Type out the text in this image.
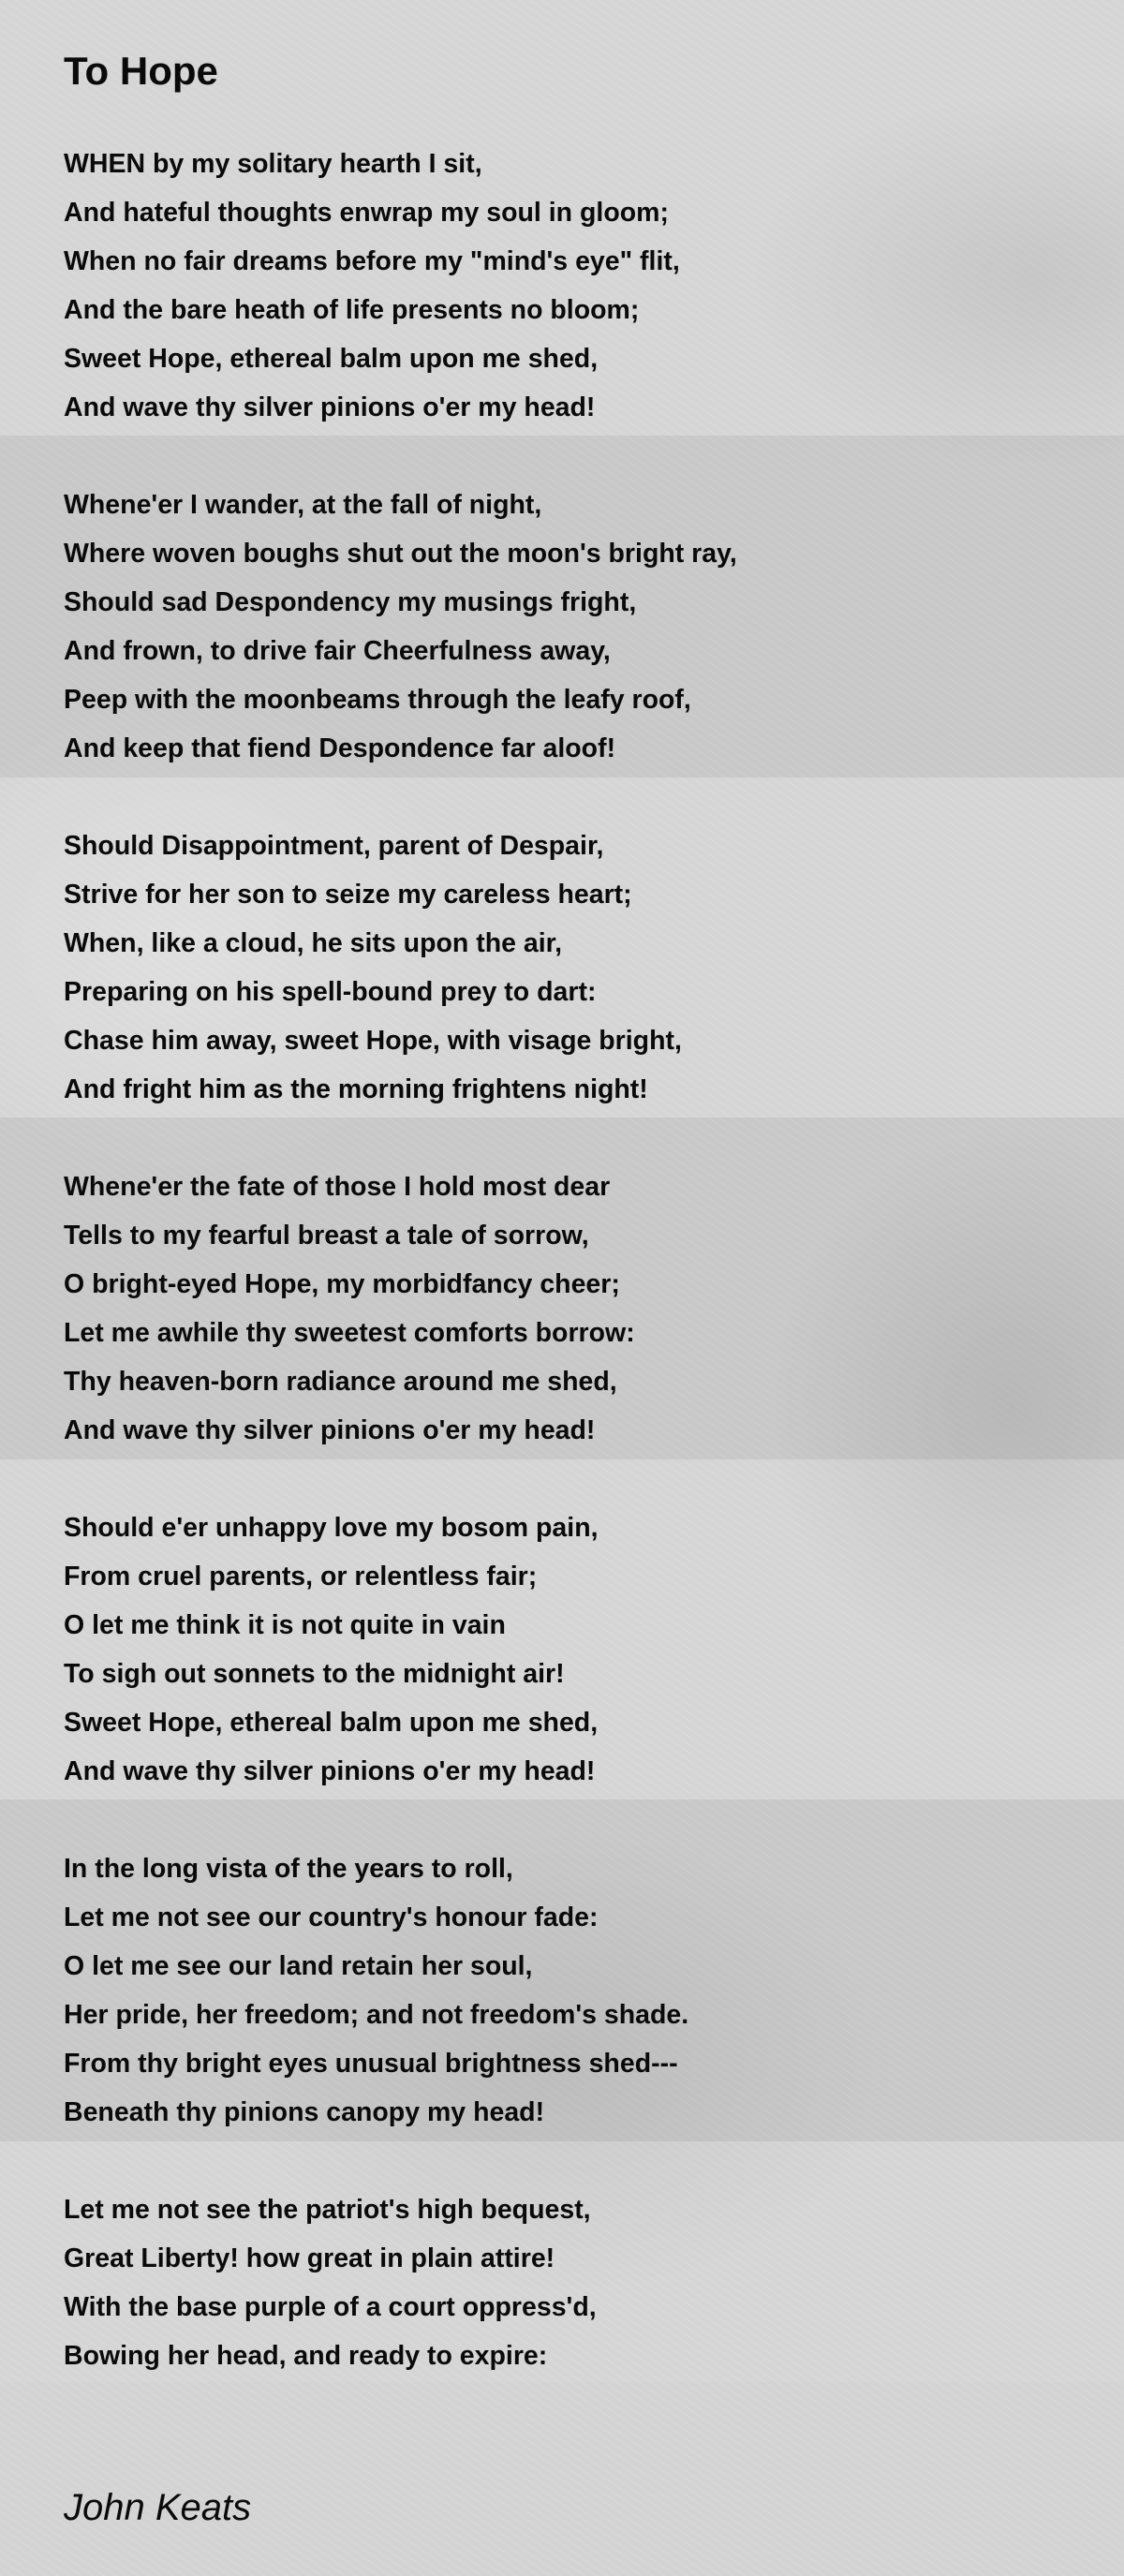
To Hope
WHEN by my solitary hearth I sit,
And hateful thoughts enwrap my soul in gloom;
When no fair dreams before my "mind's eye" flit,
And the bare heath of life presents no bloom;
Sweet Hope, ethereal balm upon me shed,
And wave thy silver pinions o'er my head!
Whene'er I wander, at the fall of night,
Where woven boughs shut out the moon's bright ray,
Should sad Despondency my musings fright,
And frown, to drive fair Cheerfulness away,
Peep with the moonbeams through the leafy roof,
And keep that fiend Despondence far aloof!
Should Disappointment, parent of Despair,
Strive for her son to seize my careless heart;
When, like a cloud, he sits upon the air,
Preparing on his spell-bound prey to dart:
Chase him away, sweet Hope, with visage bright,
And fright him as the morning frightens night!
Whene'er the fate of those I hold most dear
Tells to my fearful breast a tale of sorrow,
O bright-eyed Hope, my morbidfancy cheer;
Let me awhile thy sweetest comforts borrow:
Thy heaven-born radiance around me shed,
And wave thy silver pinions o'er my head!
Should e'er unhappy love my bosom pain,
From cruel parents, or relentless fair;
O let me think it is not quite in vain
To sigh out sonnets to the midnight air!
Sweet Hope, ethereal balm upon me shed,
And wave thy silver pinions o'er my head!
In the long vista of the years to roll,
Let me not see our country's honour fade:
O let me see our land retain her soul,
Her pride, her freedom; and not freedom's shade.
From thy bright eyes unusual brightness shed---
Beneath thy pinions canopy my head!
Let me not see the patriot's high bequest,
Great Liberty! how great in plain attire!
With the base purple of a court oppress'd,
Bowing her head, and ready to expire:
John Keats
